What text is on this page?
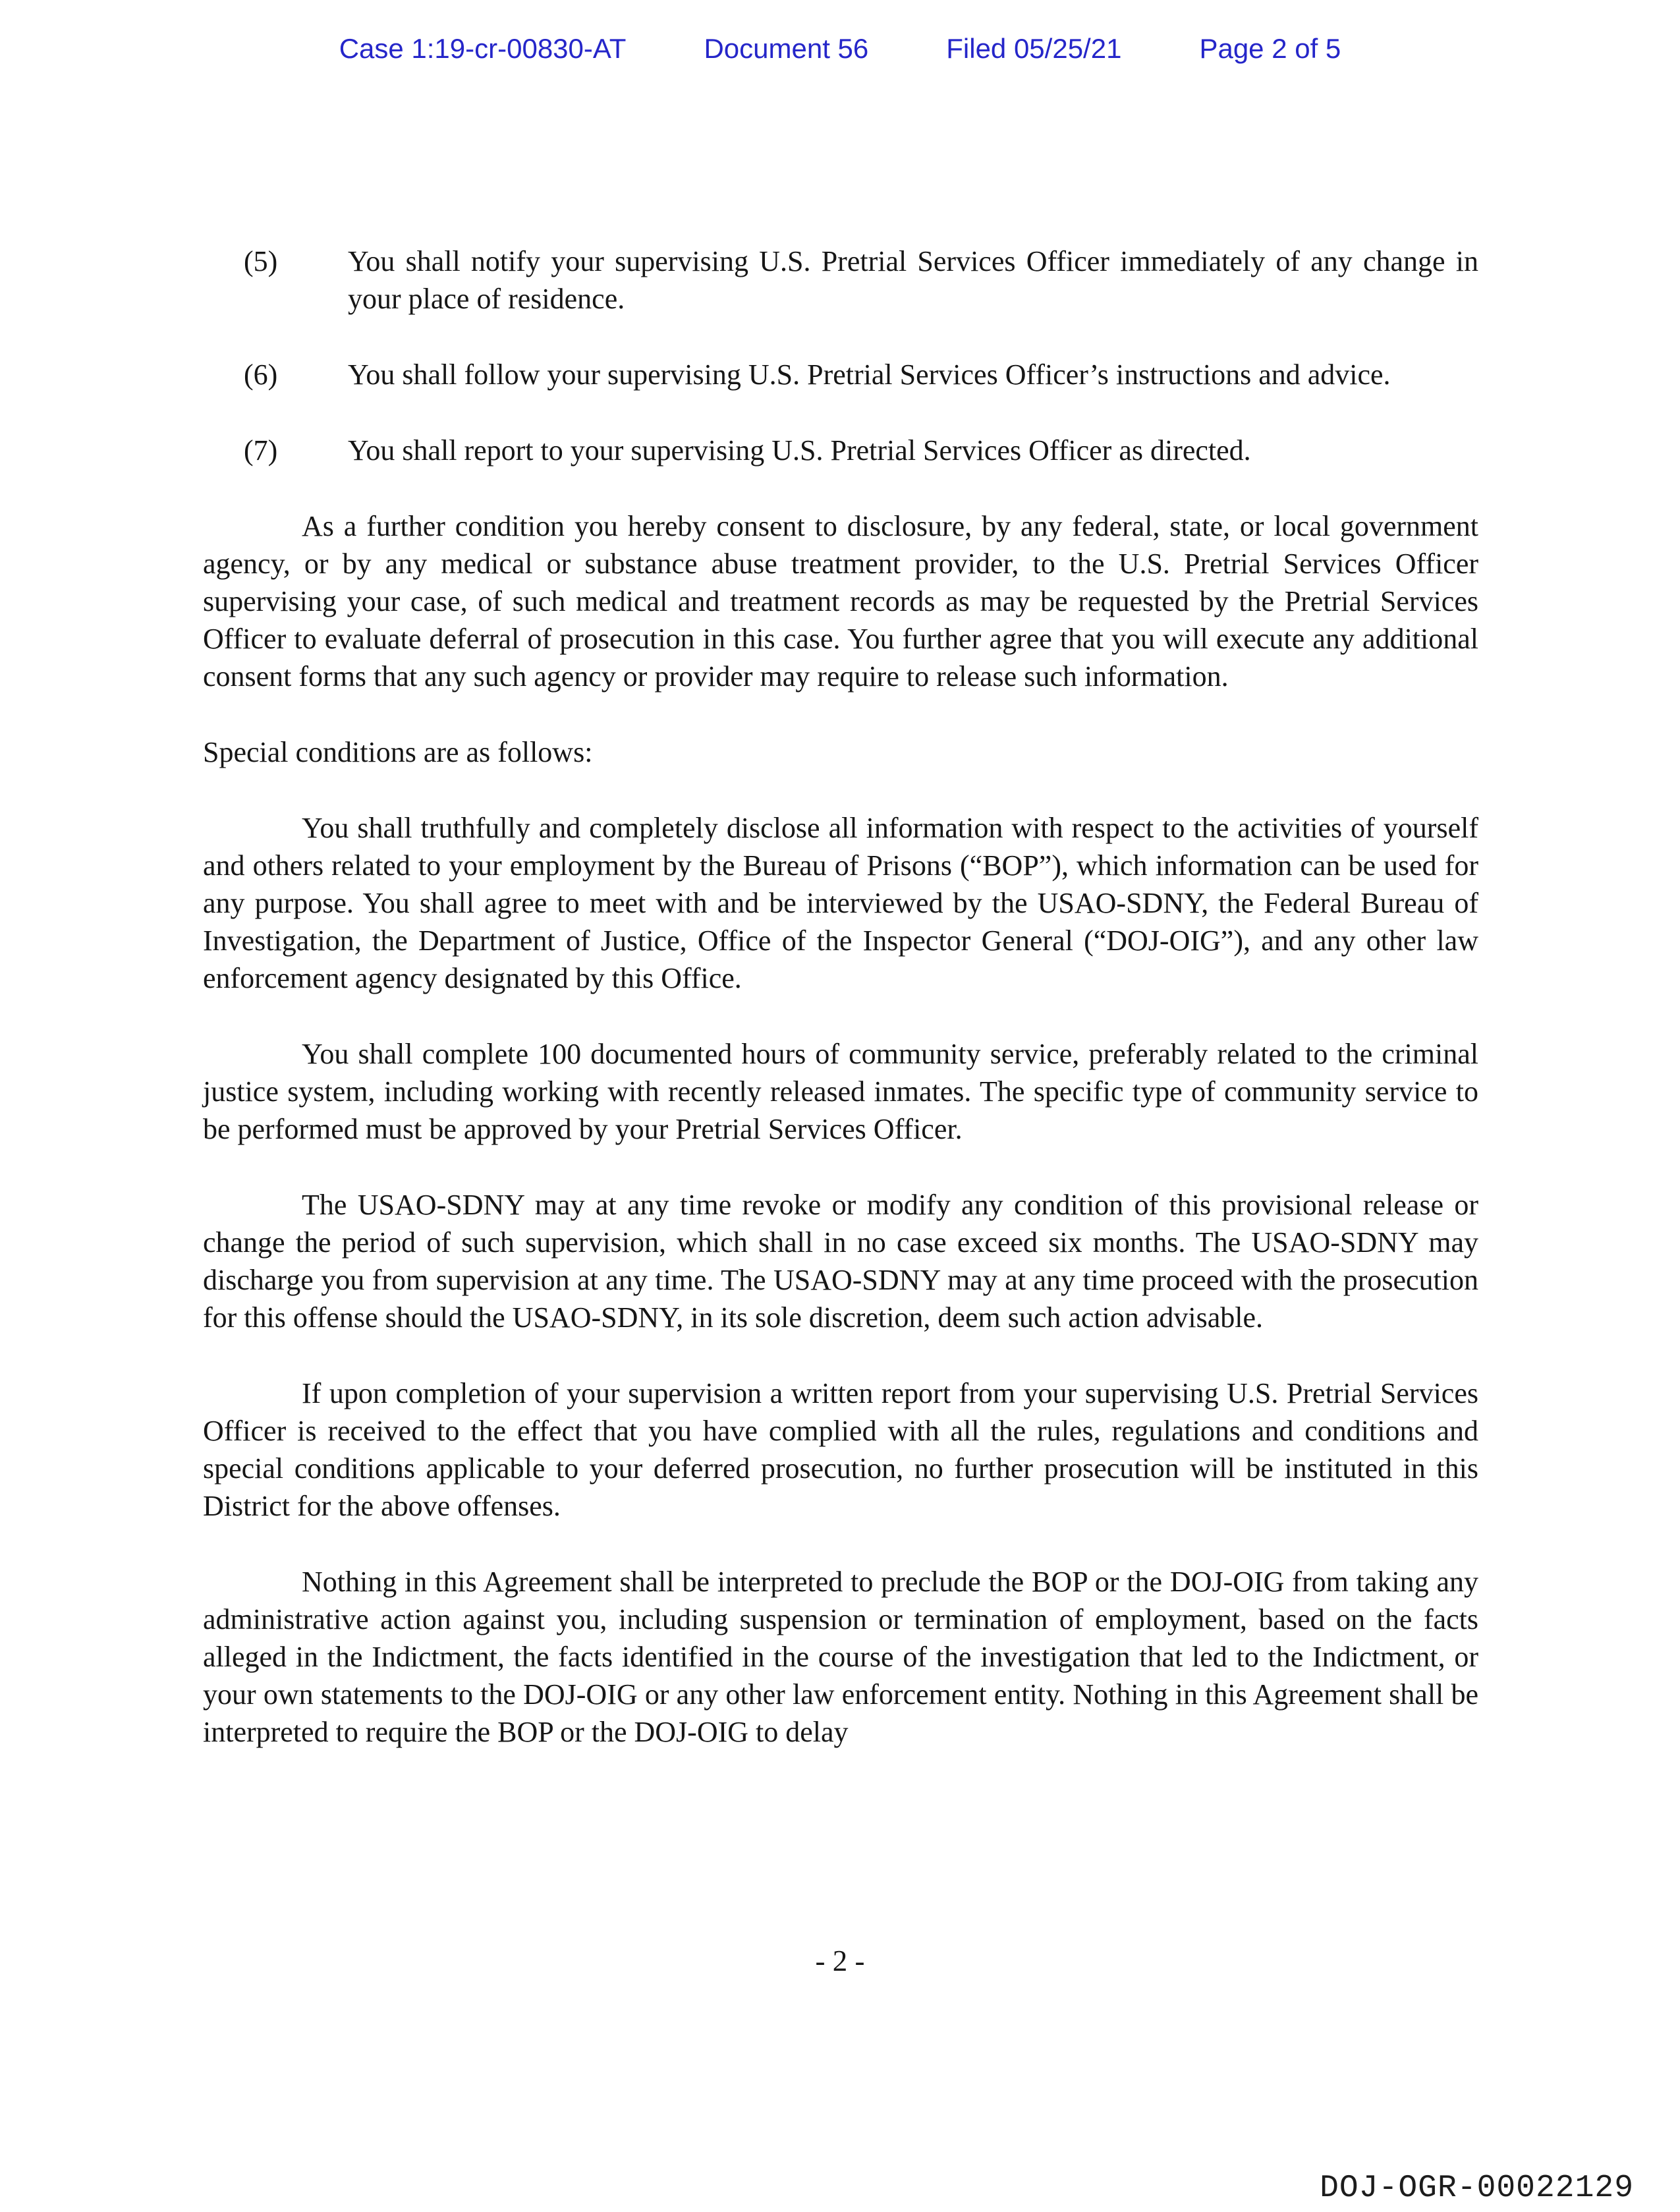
Case 1:19-cr-00830-AT	Document 56	Filed 05/25/21	Page 2 of 5
(5)	You shall notify your supervising U.S. Pretrial Services Officer immediately of any change in your place of residence.
(6)	You shall follow your supervising U.S. Pretrial Services Officer’s instructions and advice.
(7)	You shall report to your supervising U.S. Pretrial Services Officer as directed.

As a further condition you hereby consent to disclosure, by any federal, state, or local government agency, or by any medical or substance abuse treatment provider, to the U.S. Pretrial Services Officer supervising your case, of such medical and treatment records as may be requested by the Pretrial Services Officer to evaluate deferral of prosecution in this case. You further agree that you will execute any additional consent forms that any such agency or provider may require to release such information.

Special conditions are as follows:

You shall truthfully and completely disclose all information with respect to the activities of yourself and others related to your employment by the Bureau of Prisons (“BOP”), which information can be used for any purpose. You shall agree to meet with and be interviewed by the USAO-SDNY, the Federal Bureau of Investigation, the Department of Justice, Office of the Inspector General (“DOJ-OIG”), and any other law enforcement agency designated by this Office.

You shall complete 100 documented hours of community service, preferably related to the criminal justice system, including working with recently released inmates. The specific type of community service to be performed must be approved by your Pretrial Services Officer.

The USAO-SDNY may at any time revoke or modify any condition of this provisional release or change the period of such supervision, which shall in no case exceed six months. The USAO-SDNY may discharge you from supervision at any time. The USAO-SDNY may at any time proceed with the prosecution for this offense should the USAO-SDNY, in its sole discretion, deem such action advisable.

If upon completion of your supervision a written report from your supervising U.S. Pretrial Services Officer is received to the effect that you have complied with all the rules, regulations and conditions and special conditions applicable to your deferred prosecution, no further prosecution will be instituted in this District for the above offenses.

Nothing in this Agreement shall be interpreted to preclude the BOP or the DOJ-OIG from taking any administrative action against you, including suspension or termination of employment, based on the facts alleged in the Indictment, the facts identified in the course of the investigation that led to the Indictment, or your own statements to the DOJ-OIG or any other law enforcement entity. Nothing in this Agreement shall be interpreted to require the BOP or the DOJ-OIG to delay

- 2 -
DOJ-OGR-00022129
